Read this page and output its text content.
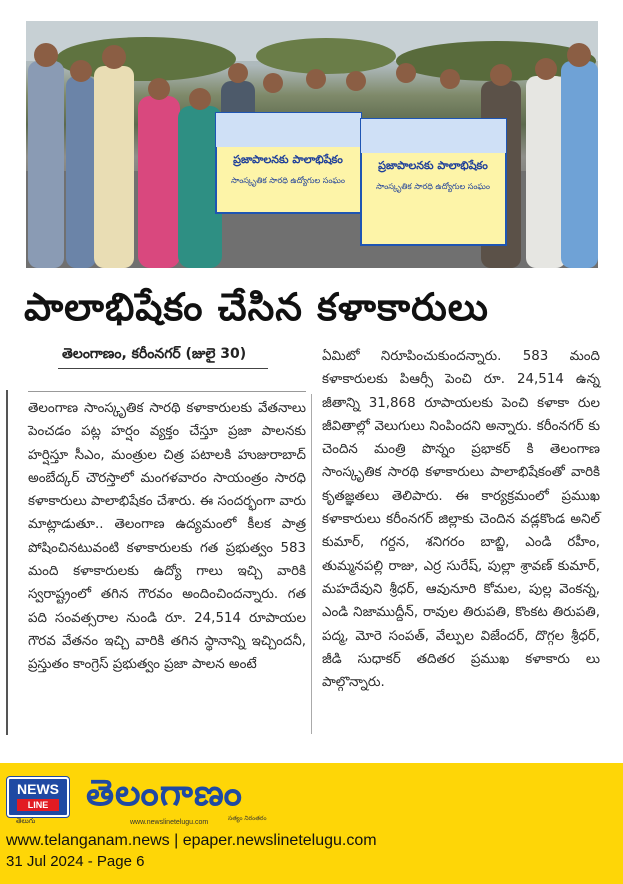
ప్రజాపాలనకు పాలాభిషేకం
సాంస్కృతిక సారధి ఉద్యోగుల సంఘం
ప్రజాపాలనకు పాలాభిషేకం
సాంస్కృతిక సారధి ఉద్యోగుల సంఘం
పాలాభిషేకం చేసిన కళాకారులు
తెలంగాణం, కరీంనగర్ (జులై 30)

తెలంగాణ సాంస్కృతిక సారథి కళాకారులకు వేతనాలు పెంచడం పట్ల హర్షం వ్యక్తం చేస్తూ ప్రజా పాలనకు హర్షిస్తూ సీఎం, మంత్రుల చిత్ర పటాలకి హుజురాబాద్ అంబేద్కర్ చౌరస్తాలో మంగళవారం సాయంత్రం సారధి కళాకారులు పాలాభిషేకం చేశారు. ఈ సందర్భంగా వారు మాట్లాడుతూ.. తెలంగాణ ఉద్యమంలో కీలక పాత్ర పోషించినటువంటి కళాకారులకు గత ప్రభుత్వం 583 మంది కళాకారులకు ఉద్యో గాలు ఇచ్చి వారికి స్వరాష్ట్రంలో తగిన గౌరవం అందించిందన్నారు. గత పది సంవత్సరాల నుండి రూ. 24,514 రూపాయల గౌరవ వేతనం ఇచ్చి వారికి తగిన స్థానాన్ని ఇచ్చిందనీ, ప్రస్తుతం కాంగ్రెస్ ప్రభుత్వం ప్రజా పాలన అంటే

ఏమిటో నిరూపించుకుందన్నారు. 583 మంది కళాకారులకు పిఆర్సీ పెంచి రూ. 24,514 ఉన్న జీతాన్ని 31,868 రూపాయలకు పెంచి కళాకా రుల జీవితాల్లో వెలుగులు నింపిందని అన్నారు. కరీంనగర్ కు చెందిన మంత్రి పొన్నం ప్రభాకర్ కి తెలంగాణ సాంస్కృతిక సారథి కళాకారులు పాలాభిషేకంతో వారికి కృతజ్ఞతలు తెలిపారు. ఈ కార్యక్రమంలో ప్రముఖ కళాకారులు కరీంనగర్ జిల్లాకు చెందిన వడ్లకొండ అనిల్ కుమార్, గర్దన, శనిగరం బాబ్జి, ఎండి రహీం, తుమ్మనపల్లి రాజు, ఎర్ర సురేష్, పుల్లా శ్రావణ్ కుమార్, మహదేవుని శ్రీధర్, ఆవునూరి కోమల, పుల్ల వెంకన్న, ఎండి నిజాముద్దీన్, రావుల తిరుపతి, కొంకట తిరుపతి, పద్మ, మోరె సంపత్, వేల్పుల విజేందర్, దొగ్గల శ్రీధర్, జీడి సుధాకర్ తదితర ప్రముఖ కళాకారు లు పాల్గొన్నారు.

NEWS
LINE
తెలుగు
తెలంగాణం
www.newslinetelugu.com
సత్యం నిరంతరం
www.telanganam.news | epaper.newslinetelugu.com
31 Jul 2024 - Page 6
